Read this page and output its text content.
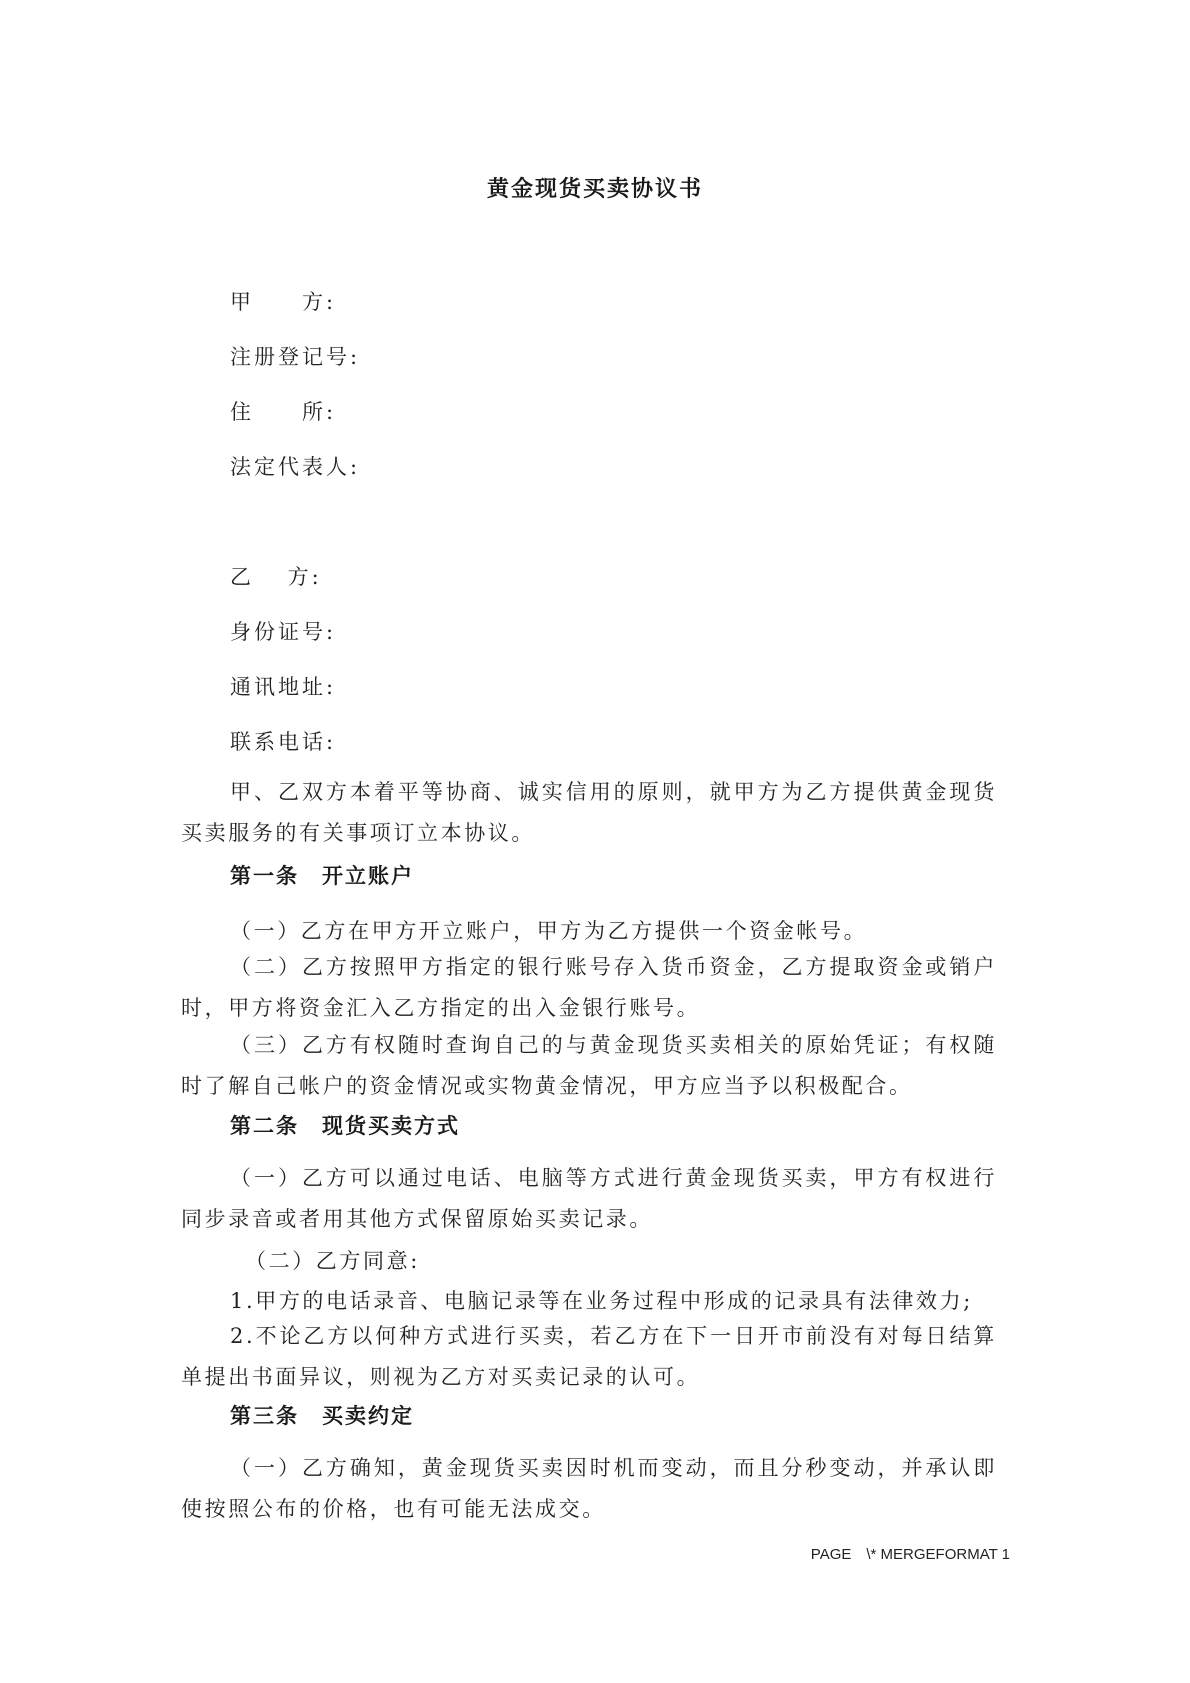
黄金现货买卖协议书
甲　　方:
注册登记号:
住　　所:
法定代表人:
乙　 方:
身份证号:
通讯地址:
联系电话:
甲、乙双方本着平等协商、诚实信用的原则，就甲方为乙方提供黄金现货买卖服务的有关事项订立本协议。
第一条　开立账户
（一）乙方在甲方开立账户，甲方为乙方提供一个资金帐号。
（二）乙方按照甲方指定的银行账号存入货币资金，乙方提取资金或销户时，甲方将资金汇入乙方指定的出入金银行账号。
（三）乙方有权随时查询自己的与黄金现货买卖相关的原始凭证；有权随时了解自己帐户的资金情况或实物黄金情况，甲方应当予以积极配合。
第二条　现货买卖方式
（一）乙方可以通过电话、电脑等方式进行黄金现货买卖，甲方有权进行同步录音或者用其他方式保留原始买卖记录。
（二）乙方同意:
1.甲方的电话录音、电脑记录等在业务过程中形成的记录具有法律效力;
2.不论乙方以何种方式进行买卖，若乙方在下一日开市前没有对每日结算单提出书面异议，则视为乙方对买卖记录的认可。
第三条　买卖约定
（一）乙方确知，黄金现货买卖因时机而变动，而且分秒变动，并承认即使按照公布的价格，也有可能无法成交。
PAGE　\* MERGEFORMAT 1
